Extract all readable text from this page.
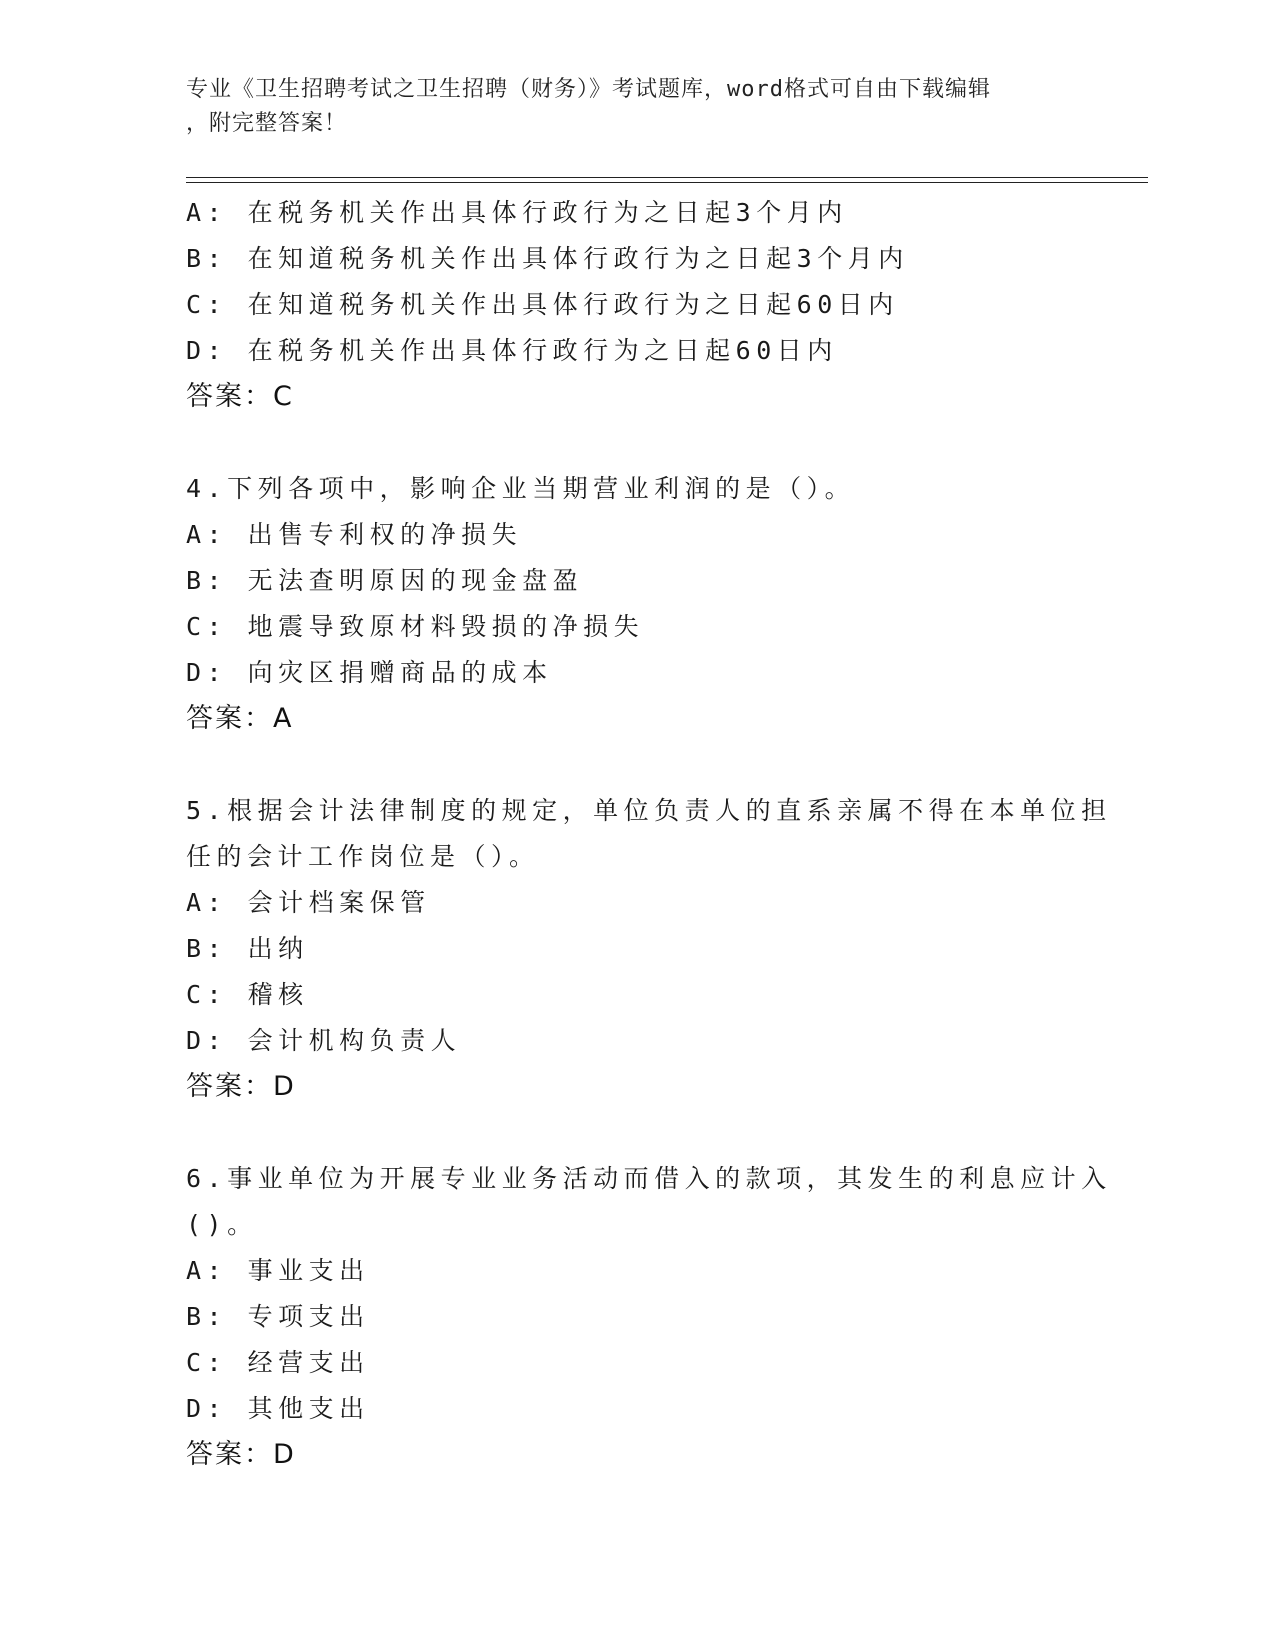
专业《卫生招聘考试之卫生招聘（财务）》考试题库，word格式可自由下载编辑
，附完整答案！
A: 在税务机关作出具体行政行为之日起3个月内
B: 在知道税务机关作出具体行政行为之日起3个月内
C: 在知道税务机关作出具体行政行为之日起60日内
D: 在税务机关作出具体行政行为之日起60日内
答案：C
4.下列各项中，影响企业当期营业利润的是（）。
A: 出售专利权的净损失
B: 无法查明原因的现金盘盈
C: 地震导致原材料毁损的净损失
D: 向灾区捐赠商品的成本
答案：A
5.根据会计法律制度的规定，单位负责人的直系亲属不得在本单位担
任的会计工作岗位是（）。
A: 会计档案保管
B: 出纳
C: 稽核
D: 会计机构负责人
答案：D
6.事业单位为开展专业业务活动而借入的款项，其发生的利息应计入
()。
A: 事业支出
B: 专项支出
C: 经营支出
D: 其他支出
答案：D
